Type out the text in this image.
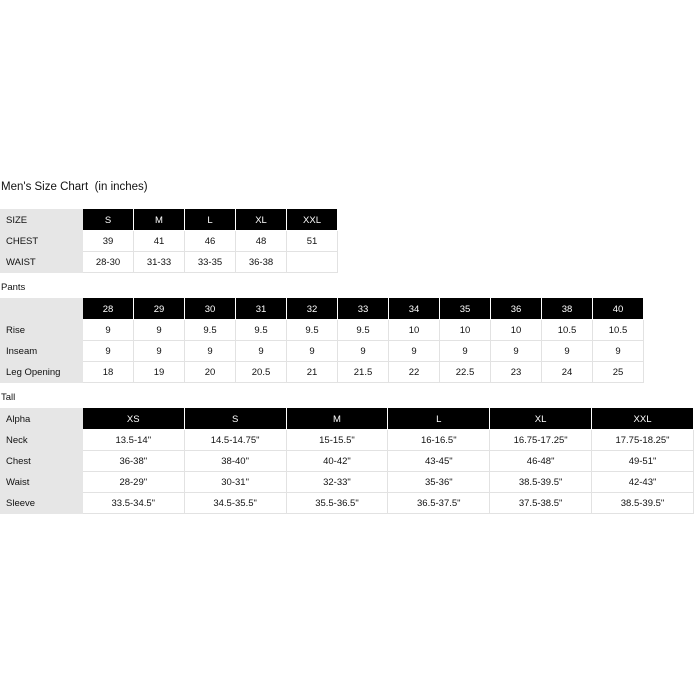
Men's Size Chart  (in inches)
SIZE	S	M	L	XL	XXL
CHEST	39	41	46	48	51
WAIST	28-30	31-33	33-35	36-38	
Pants
	28	29	30	31	32	33	34	35	36	38	40
Rise	9	9	9.5	9.5	9.5	9.5	10	10	10	10.5	10.5
Inseam	9	9	9	9	9	9	9	9	9	9	9
Leg Opening	18	19	20	20.5	21	21.5	22	22.5	23	24	25
Tall
Alpha	XS	S	M	L	XL	XXL
Neck	13.5-14"	14.5-14.75"	15-15.5"	16-16.5"	16.75-17.25"	17.75-18.25"
Chest	36-38"	38-40"	40-42"	43-45"	46-48"	49-51"
Waist	28-29"	30-31"	32-33"	35-36"	38.5-39.5"	42-43"
Sleeve	33.5-34.5"	34.5-35.5"	35.5-36.5"	36.5-37.5"	37.5-38.5"	38.5-39.5"
